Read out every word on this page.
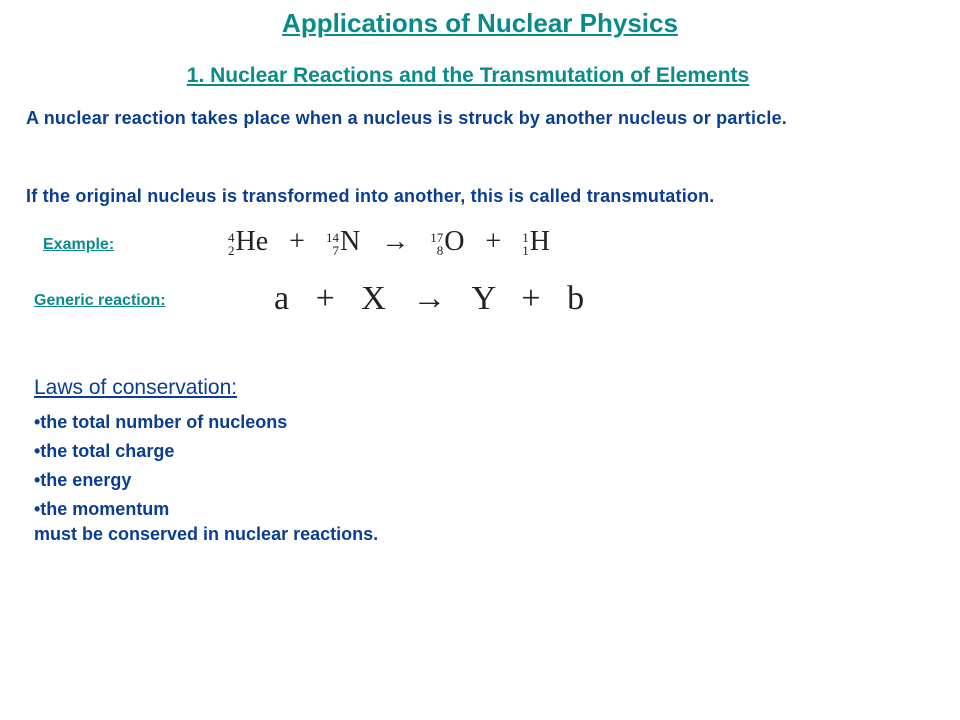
Applications of Nuclear Physics
1. Nuclear Reactions and the Transmutation of Elements
A nuclear reaction takes place when a nucleus is struck by another nucleus or particle.
If the original nucleus is transformed into another, this is called transmutation.
Example:	4
2 He + 14
7 N → 17
8 O + 1
1 H
Generic reaction:	a + X → Y + b
Laws of conservation:
•the total number of nucleons
•the total charge
•the energy
•the momentum
must be conserved in nuclear reactions.
